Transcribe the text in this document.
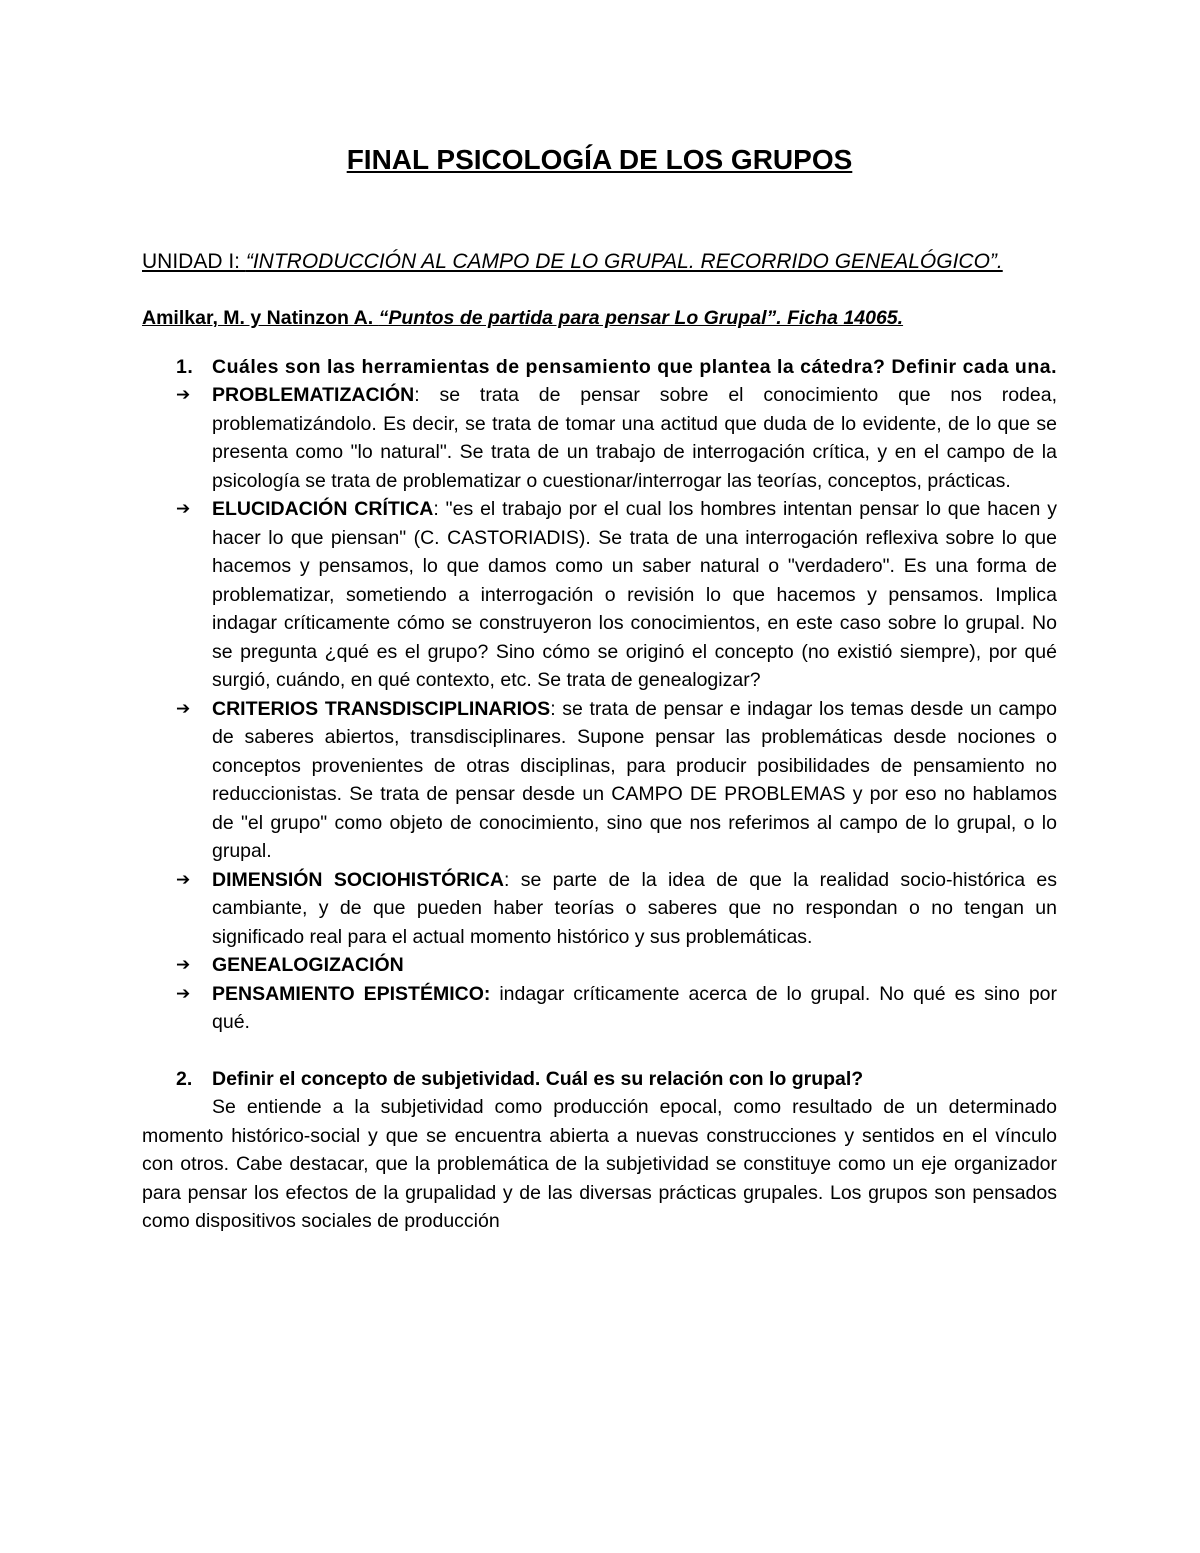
FINAL PSICOLOGÍA DE LOS GRUPOS

UNIDAD I: “INTRODUCCIÓN AL CAMPO DE LO GRUPAL. RECORRIDO GENEALÓGICO”.

Amilkar, M. y Natinzon A. “Puntos de partida para pensar Lo Grupal”. Ficha 14065.

1. Cuáles son las herramientas de pensamiento que plantea la cátedra? Definir cada una.

➔ PROBLEMATIZACIÓN: se trata de pensar sobre el conocimiento que nos rodea, problematizándolo. Es decir, se trata de tomar una actitud que duda de lo evidente, de lo que se presenta como "lo natural". Se trata de un trabajo de interrogación crítica, y en el campo de la psicología se trata de problematizar o cuestionar/interrogar las teorías, conceptos, prácticas.
➔ ELUCIDACIÓN CRÍTICA: "es el trabajo por el cual los hombres intentan pensar lo que hacen y hacer lo que piensan" (C. CASTORIADIS). Se trata de una interrogación reflexiva sobre lo que hacemos y pensamos, lo que damos como un saber natural o "verdadero". Es una forma de problematizar, sometiendo a interrogación o revisión lo que hacemos y pensamos. Implica indagar críticamente cómo se construyeron los conocimientos, en este caso sobre lo grupal. No se pregunta ¿qué es el grupo? Sino cómo se originó el concepto (no existió siempre), por qué surgió, cuándo, en qué contexto, etc. Se trata de genealogizar?
➔ CRITERIOS TRANSDISCIPLINARIOS: se trata de pensar e indagar los temas desde un campo de saberes abiertos, transdisciplinares. Supone pensar las problemáticas desde nociones o conceptos provenientes de otras disciplinas, para producir posibilidades de pensamiento no reduccionistas. Se trata de pensar desde un CAMPO DE PROBLEMAS y por eso no hablamos de "el grupo" como objeto de conocimiento, sino que nos referimos al campo de lo grupal, o lo grupal.
➔ DIMENSIÓN SOCIOHISTÓRICA: se parte de la idea de que la realidad socio-histórica es cambiante, y de que pueden haber teorías o saberes que no respondan o no tengan un significado real para el actual momento histórico y sus problemáticas.
➔ GENEALOGIZACIÓN
➔ PENSAMIENTO EPISTÉMICO: indagar críticamente acerca de lo grupal. No qué es sino por qué.

2. Definir el concepto de subjetividad. Cuál es su relación con lo grupal?

Se entiende a la subjetividad como producción epocal, como resultado de un determinado momento histórico-social y que se encuentra abierta a nuevas construcciones y sentidos en el vínculo con otros. Cabe destacar, que la problemática de la subjetividad se constituye como un eje organizador para pensar los efectos de la grupalidad y de las diversas prácticas grupales. Los grupos son pensados como dispositivos sociales de producción
